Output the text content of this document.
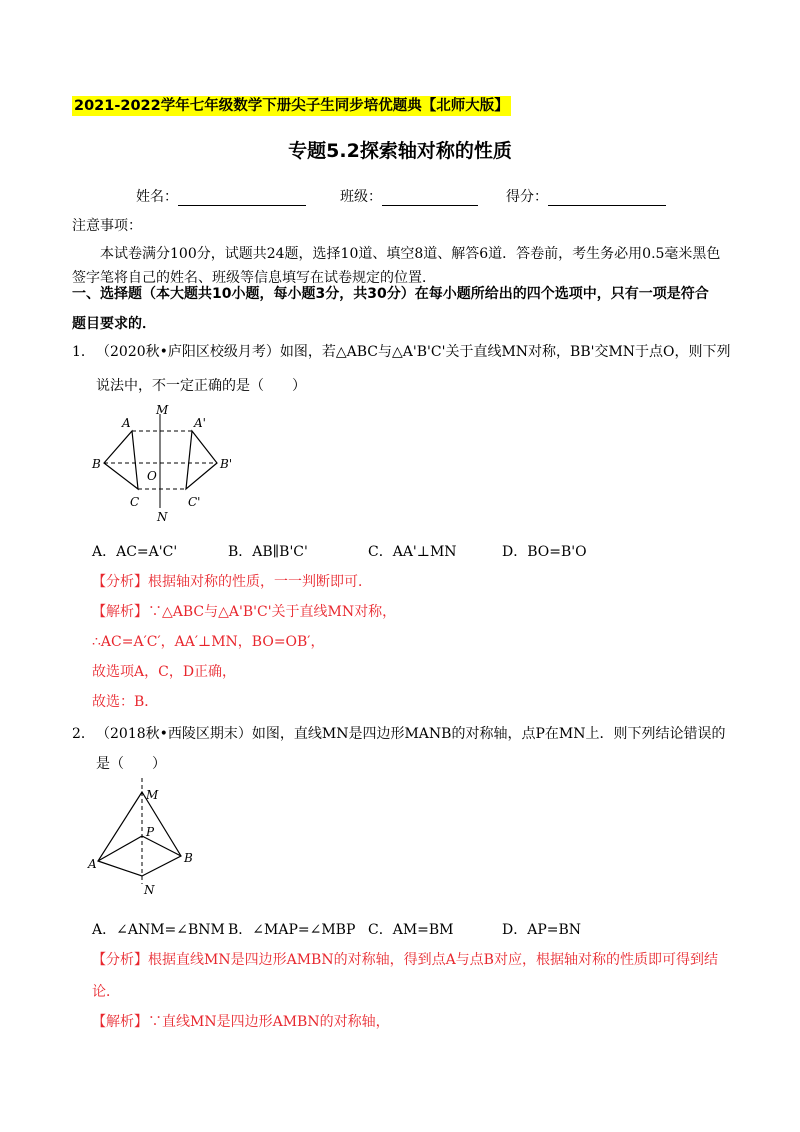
2021-2022学年七年级数学下册尖子生同步培优题典【北师大版】
专题5.2探索轴对称的性质
姓名：	班级：	得分：
注意事项：
本试卷满分100分，试题共24题，选择10道、填空8道、解答6道．答卷前，考生务必用0.5毫米黑色签字笔将自己的姓名、班级等信息填写在试卷规定的位置．
一、选择题（本大题共10小题，每小题3分，共30分）在每小题所给出的四个选项中，只有一项是符合
题目要求的．
1． （2020秋•庐阳区校级月考）如图，若△ABC与△A'B'C'关于直线MN对称，BB'交MN于点O，则下列
说法中，不一定正确的是（　　）
M
N
A	A'
B	B'
C	C'
O
A．AC=A'C'	B．AB∥B'C'	C．AA'⊥MN	D．BO=B'O
【分析】根据轴对称的性质，一一判断即可．
【解析】∵△ABC与△A'B'C'关于直线MN对称，
∴AC=A′C′，AA′⊥MN，BO=OB′，
故选项A，C，D正确，
故选：B．
2． （2018秋•西陵区期末）如图，直线MN是四边形MANB的对称轴，点P在MN上．则下列结论错误的
是（　　）
M
P
A	B
N
A．∠ANM=∠BNM B．∠MAP=∠MBP C．AM=BM	D．AP=BN
【分析】根据直线MN是四边形AMBN的对称轴，得到点A与点B对应，根据轴对称的性质即可得到结
论．
【解析】∵直线MN是四边形AMBN的对称轴，
